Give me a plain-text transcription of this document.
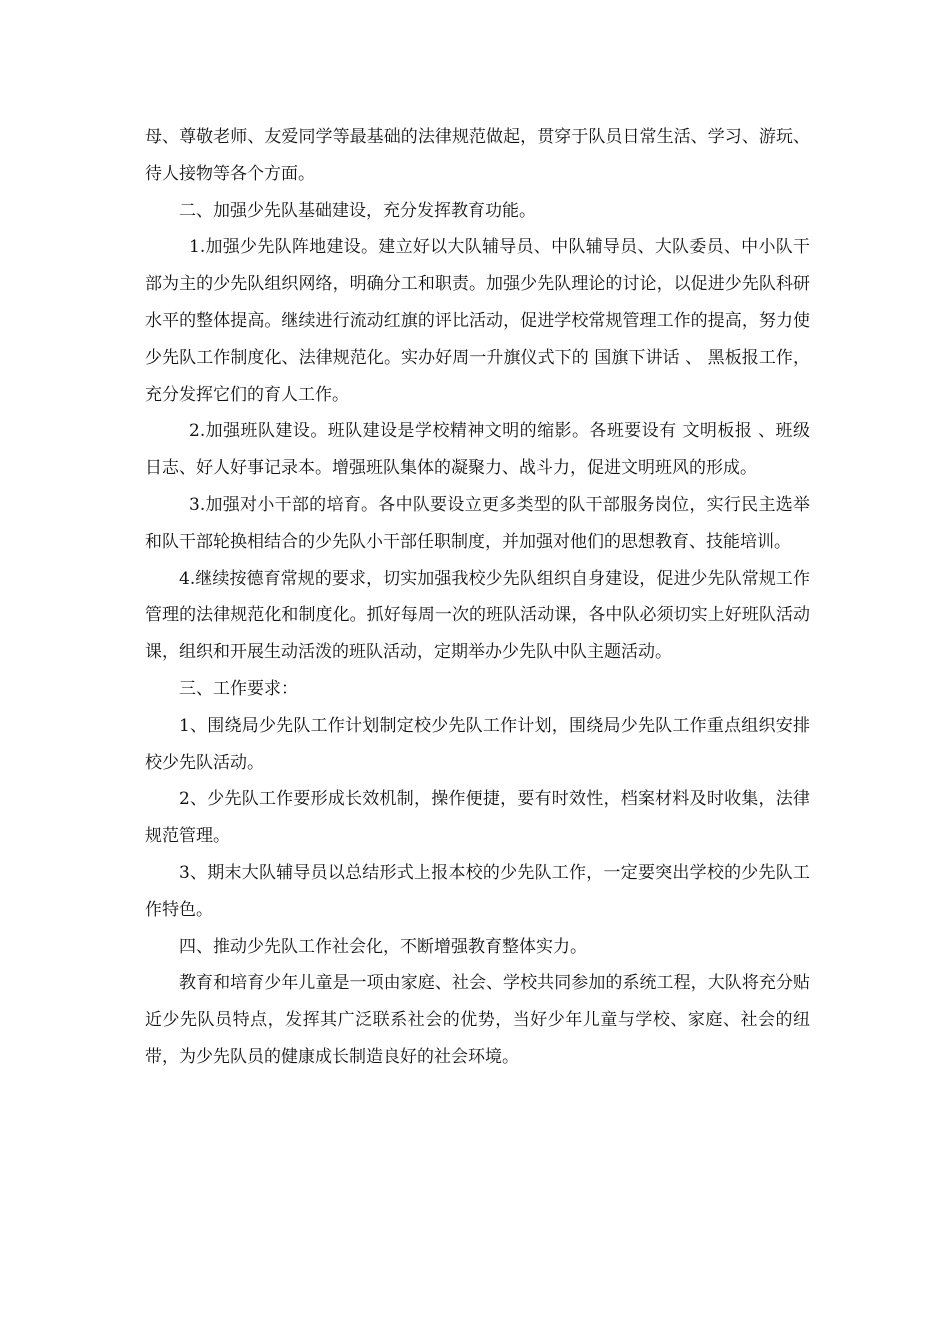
母、尊敬老师、友爱同学等最基础的法律规范做起，贯穿于队员日常生活、学习、游玩、待人接物等各个方面。

二、加强少先队基础建设，充分发挥教育功能。

1.加强少先队阵地建设。建立好以大队辅导员、中队辅导员、大队委员、中小队干部为主的少先队组织网络，明确分工和职责。加强少先队理论的讨论，以促进少先队科研水平的整体提高。继续进行流动红旗的评比活动，促进学校常规管理工作的提高，努力使少先队工作制度化、法律规范化。实办好周一升旗仪式下的 国旗下讲话 、 黑板报工作，充分发挥它们的育人工作。

2.加强班队建设。班队建设是学校精神文明的缩影。各班要设有 文明板报 、班级日志、好人好事记录本。增强班队集体的凝聚力、战斗力，促进文明班风的形成。

3.加强对小干部的培育。各中队要设立更多类型的队干部服务岗位，实行民主选举和队干部轮换相结合的少先队小干部任职制度，并加强对他们的思想教育、技能培训。

4.继续按德育常规的要求，切实加强我校少先队组织自身建设，促进少先队常规工作管理的法律规范化和制度化。抓好每周一次的班队活动课，各中队必须切实上好班队活动课，组织和开展生动活泼的班队活动，定期举办少先队中队主题活动。

三、工作要求：

1、围绕局少先队工作计划制定校少先队工作计划，围绕局少先队工作重点组织安排校少先队活动。

2、少先队工作要形成长效机制，操作便捷，要有时效性，档案材料及时收集，法律规范管理。

3、期末大队辅导员以总结形式上报本校的少先队工作，一定要突出学校的少先队工作特色。

四、推动少先队工作社会化，不断增强教育整体实力。

教育和培育少年儿童是一项由家庭、社会、学校共同参加的系统工程，大队将充分贴近少先队员特点，发挥其广泛联系社会的优势，当好少年儿童与学校、家庭、社会的纽带，为少先队员的健康成长制造良好的社会环境。
